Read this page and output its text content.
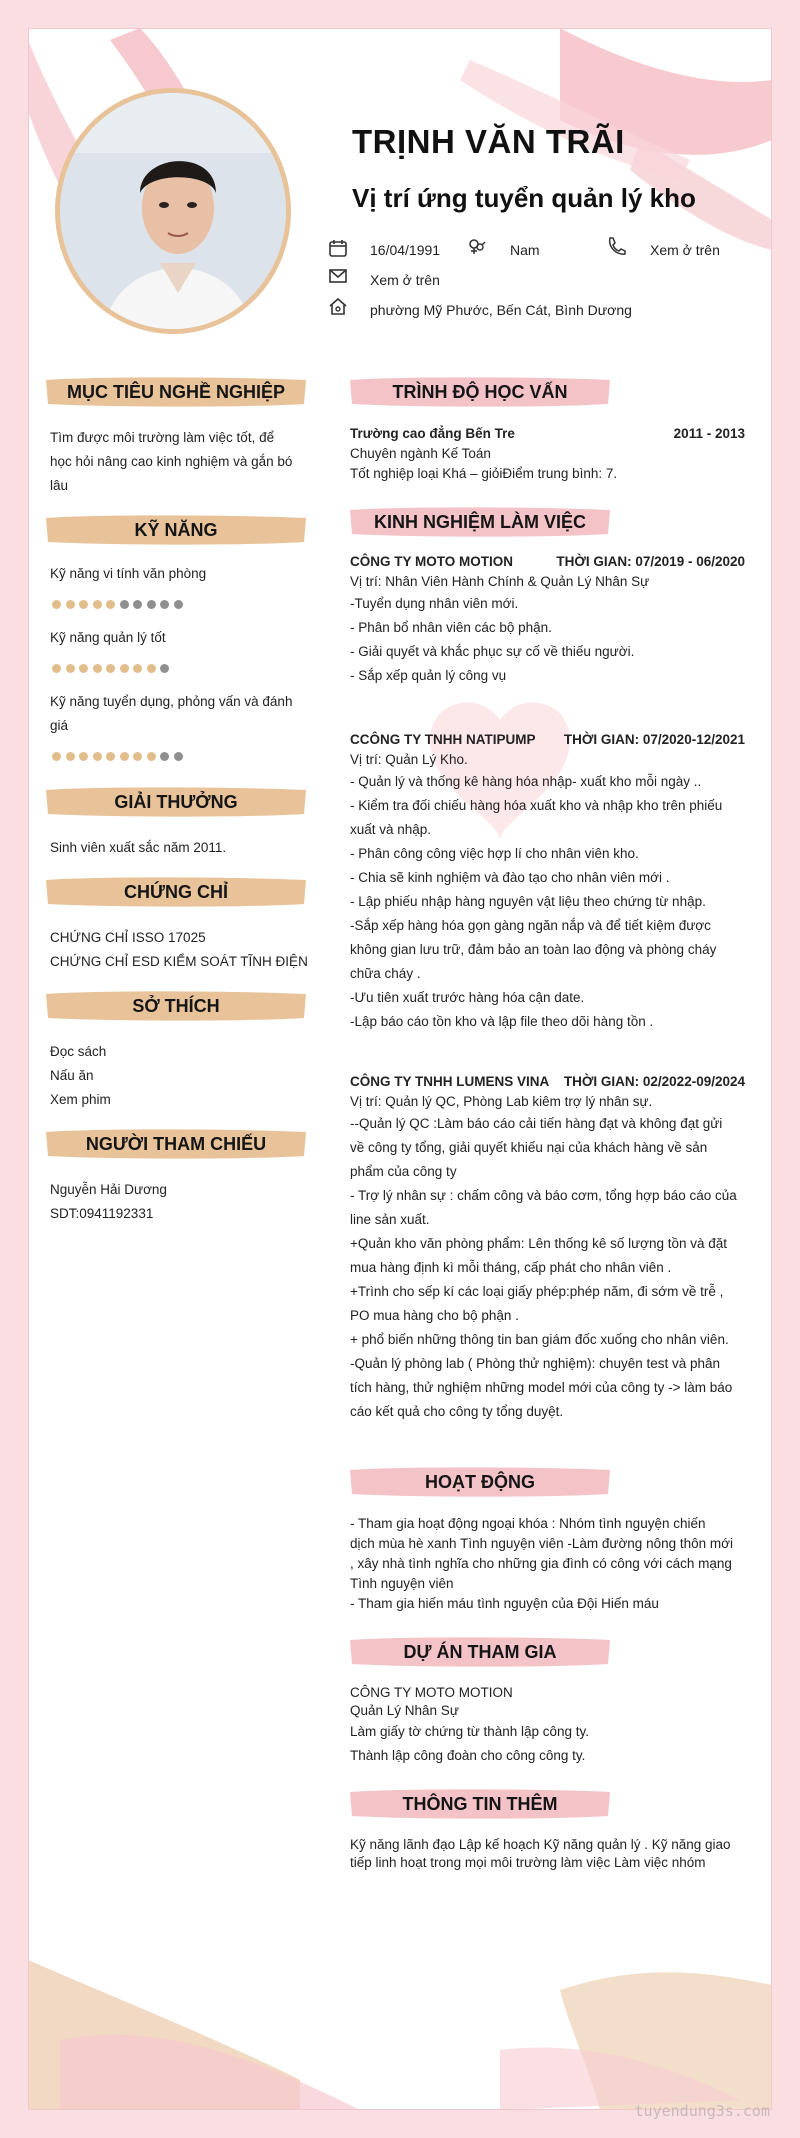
TRỊNH VĂN TRÃI
Vị trí ứng tuyển quản lý kho
16/04/1991	Nam	Xem ở trên
Xem ở trên
phường Mỹ Phước, Bến Cát, Bình Dương
MỤC TIÊU NGHỀ NGHIỆP
Tìm được môi trường làm việc tốt, để
học hỏi nâng cao kinh nghiệm và gắn bó
lâu
KỸ NĂNG
Kỹ năng vi tính văn phòng
Kỹ năng quản lý tốt
Kỹ năng tuyển dụng, phỏng vấn và đánh
giá
GIẢI THƯỞNG
Sinh viên xuất sắc năm 2011.
CHỨNG CHỈ
CHỨNG CHỈ ISSO 17025
CHỨNG CHỈ ESD KIỂM SOÁT TĨNH ĐIỆN
SỞ THÍCH
Đọc sách
Nấu ăn
Xem phim
NGƯỜI THAM CHIẾU
Nguyễn Hải Dương
SDT:0941192331
TRÌNH ĐỘ HỌC VẤN
Trường cao đẳng Bến Tre	2011 - 2013
Chuyên ngành Kế Toán
Tốt nghiệp loại Khá – giỏiĐiểm trung bình: 7.
KINH NGHIỆM LÀM VIỆC
CÔNG TY MOTO MOTION	THỜI GIAN: 07/2019 - 06/2020
Vị trí: Nhân Viên Hành Chính & Quản Lý Nhân Sự
-Tuyển dụng nhân viên mới.
- Phân bổ nhân viên các bộ phận.
- Giải quyết và khắc phục sự cố về thiếu người.
- Sắp xếp quản lý công vụ
CCÔNG TY TNHH NATIPUMP THỜI GIAN: 07/2020-12/2021
Vị trí: Quản Lý Kho.
- Quản lý và thống kê hàng hóa nhập- xuất kho mỗi ngày ..
- Kiểm tra đối chiếu hàng hóa xuất kho và nhập kho trên phiếu
xuất và nhập.
- Phân công công việc hợp lí cho nhân viên kho.
- Chia sẽ kinh nghiệm và đào tạo cho nhân viên mới .
- Lập phiếu nhập hàng nguyên vật liệu theo chứng từ nhập.
-Sắp xếp hàng hóa gọn gàng ngăn nắp và để tiết kiệm được
không gian lưu trữ, đảm bảo an toàn lao động và phòng cháy
chữa cháy .
-Ưu tiên xuất trước hàng hóa cận date.
-Lập báo cáo tồn kho và lập file theo dõi hàng tồn .
CÔNG TY TNHH LUMENS VINA THỜI GIAN: 02/2022-09/2024
Vị trí: Quản lý QC, Phòng Lab kiêm trợ lý nhân sự.
--Quản lý QC :Làm báo cáo cải tiến hàng đạt và không đạt gửi
về công ty tổng, giải quyết khiếu nại của khách hàng về sản
phẩm của công ty
- Trợ lý nhân sự : chấm công và báo cơm, tổng hợp báo cáo của
line sản xuất.
+Quản kho văn phòng phẩm: Lên thống kê số lượng tồn và đặt
mua hàng định kì mỗi tháng, cấp phát cho nhân viên .
+Trình cho sếp kí các loại giấy phép:phép năm, đi sớm về trễ ,
PO mua hàng cho bộ phận .
+ phổ biến những thông tin ban giám đốc xuống cho nhân viên.
-Quản lý phòng lab ( Phòng thử nghiệm): chuyên test và phân
tích hàng, thử nghiệm những model mới của công ty -> làm báo
cáo kết quả cho công ty tổng duyệt.
HOẠT ĐỘNG
- Tham gia hoạt động ngoại khóa : Nhóm tình nguyện chiến
dịch mùa hè xanh Tình nguyện viên -Làm đường nông thôn mới
, xây nhà tình nghĩa cho những gia đình có công với cách mạng
Tình nguyện viên
- Tham gia hiến máu tình nguyện của Đội Hiến máu
DỰ ÁN THAM GIA
CÔNG TY MOTO MOTION
Quản Lý Nhân Sự
Làm giấy tờ chứng từ thành lập công ty.
Thành lập công đoàn cho công công ty.
THÔNG TIN THÊM
Kỹ năng lãnh đạo Lập kế hoạch Kỹ năng quản lý . Kỹ năng giao
tiếp linh hoạt trong mọi môi trường làm việc Làm việc nhóm
tuyendung3s.com
